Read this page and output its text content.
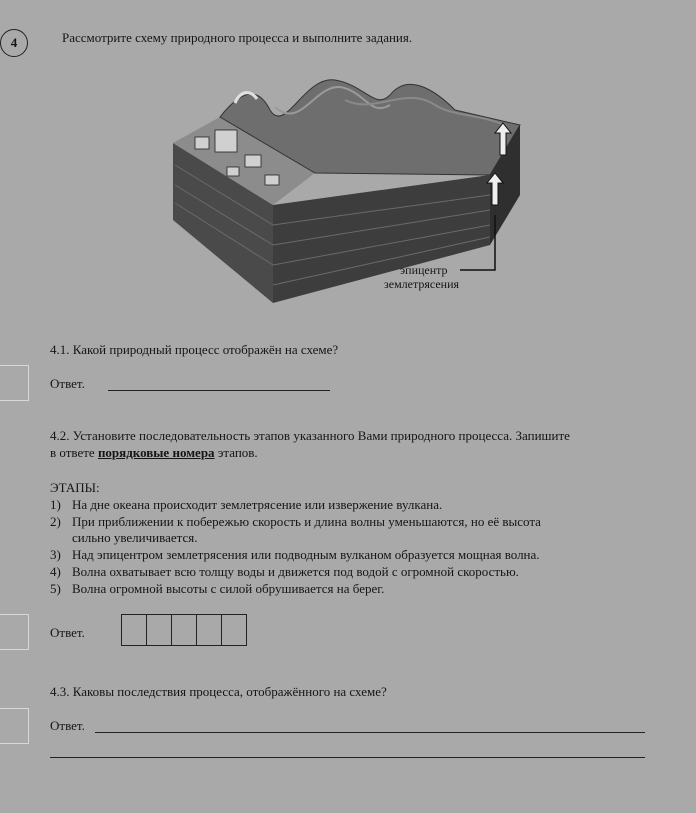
4	Рассмотрите схему природного процесса и выполните задания.
эпицентр
землетрясения
4.1. Какой природный процесс отображён на схеме?
Ответ.
4.2. Установите последовательность этапов указанного Вами природного процесса. Запишите
в ответе порядковые номера этапов.
ЭТАПЫ:
1) На дне океана происходит землетрясение или извержение вулкана.
2) При приближении к побережью скорость и длина волны уменьшаются, но её высота
сильно увеличивается.
3) Над эпицентром землетрясения или подводным вулканом образуется мощная волна.
4) Волна охватывает всю толщу воды и движется под водой с огромной скоростью.
5) Волна огромной высоты с силой обрушивается на берег.
Ответ.
4.3. Каковы последствия процесса, отображённого на схеме?
Ответ.
